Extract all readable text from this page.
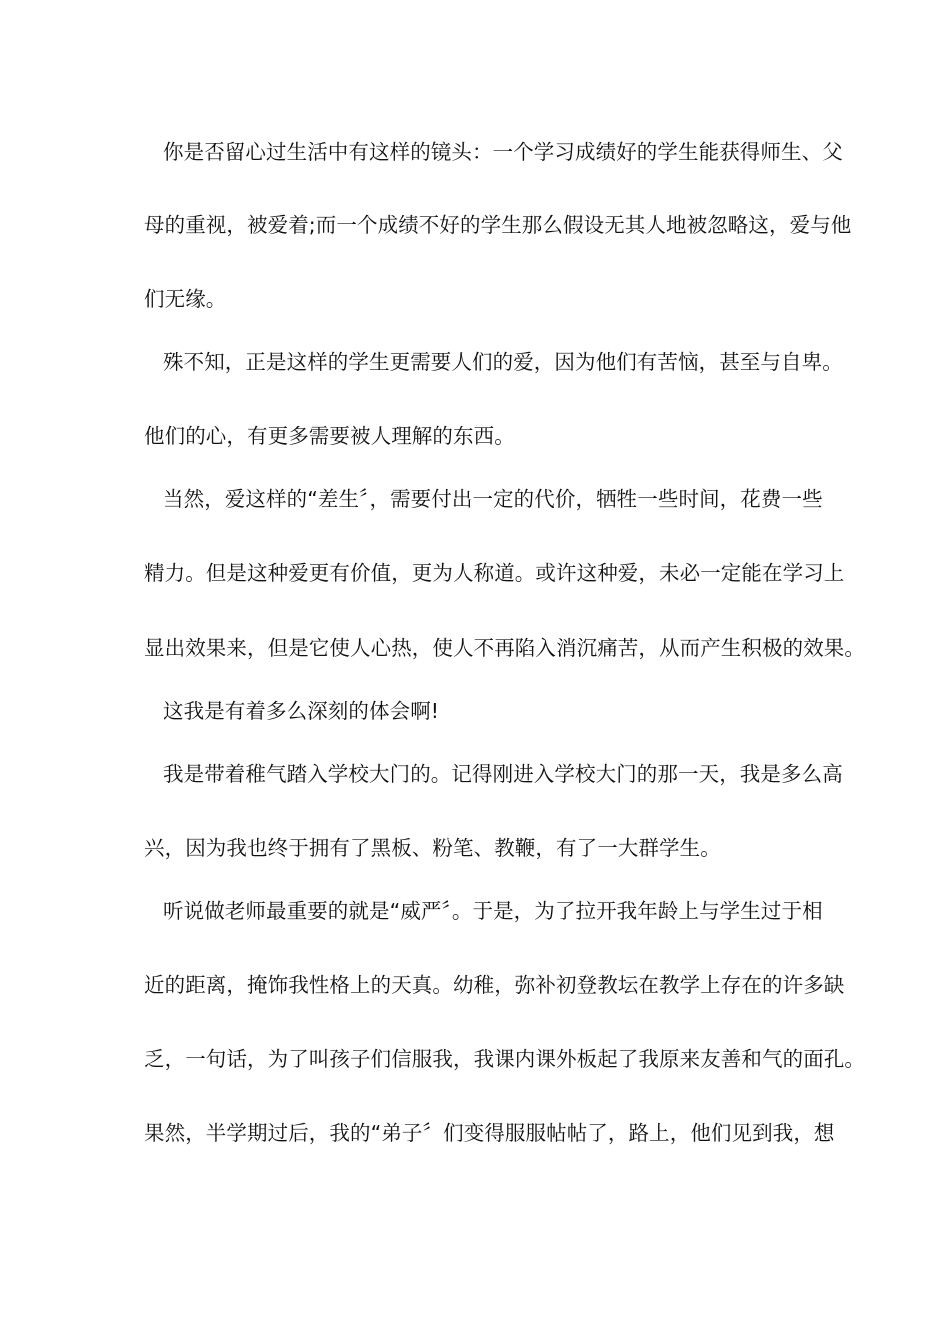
你是否留心过生活中有这样的镜头：一个学习成绩好的学生能获得师生、父
母的重视，被爱着;而一个成绩不好的学生那么假设无其人地被忽略这，爱与他
们无缘。
殊不知，正是这样的学生更需要人们的爱，因为他们有苦恼，甚至与自卑。
他们的心，有更多需要被人理解的东西。
当然，爱这样的“差生〞，需要付出一定的代价，牺牲一些时间，花费一些
精力。但是这种爱更有价值，更为人称道。或许这种爱，未必一定能在学习上
显出效果来，但是它使人心热，使人不再陷入消沉痛苦，从而产生积极的效果。
这我是有着多么深刻的体会啊!
我是带着稚气踏入学校大门的。记得刚进入学校大门的那一天，我是多么高
兴，因为我也终于拥有了黑板、粉笔、教鞭，有了一大群学生。
听说做老师最重要的就是“威严〞。于是，为了拉开我年龄上与学生过于相
近的距离，掩饰我性格上的天真。幼稚，弥补初登教坛在教学上存在的许多缺
乏，一句话，为了叫孩子们信服我，我课内课外板起了我原来友善和气的面孔。
果然，半学期过后，我的“弟子〞们变得服服帖帖了，路上，他们见到我，想
